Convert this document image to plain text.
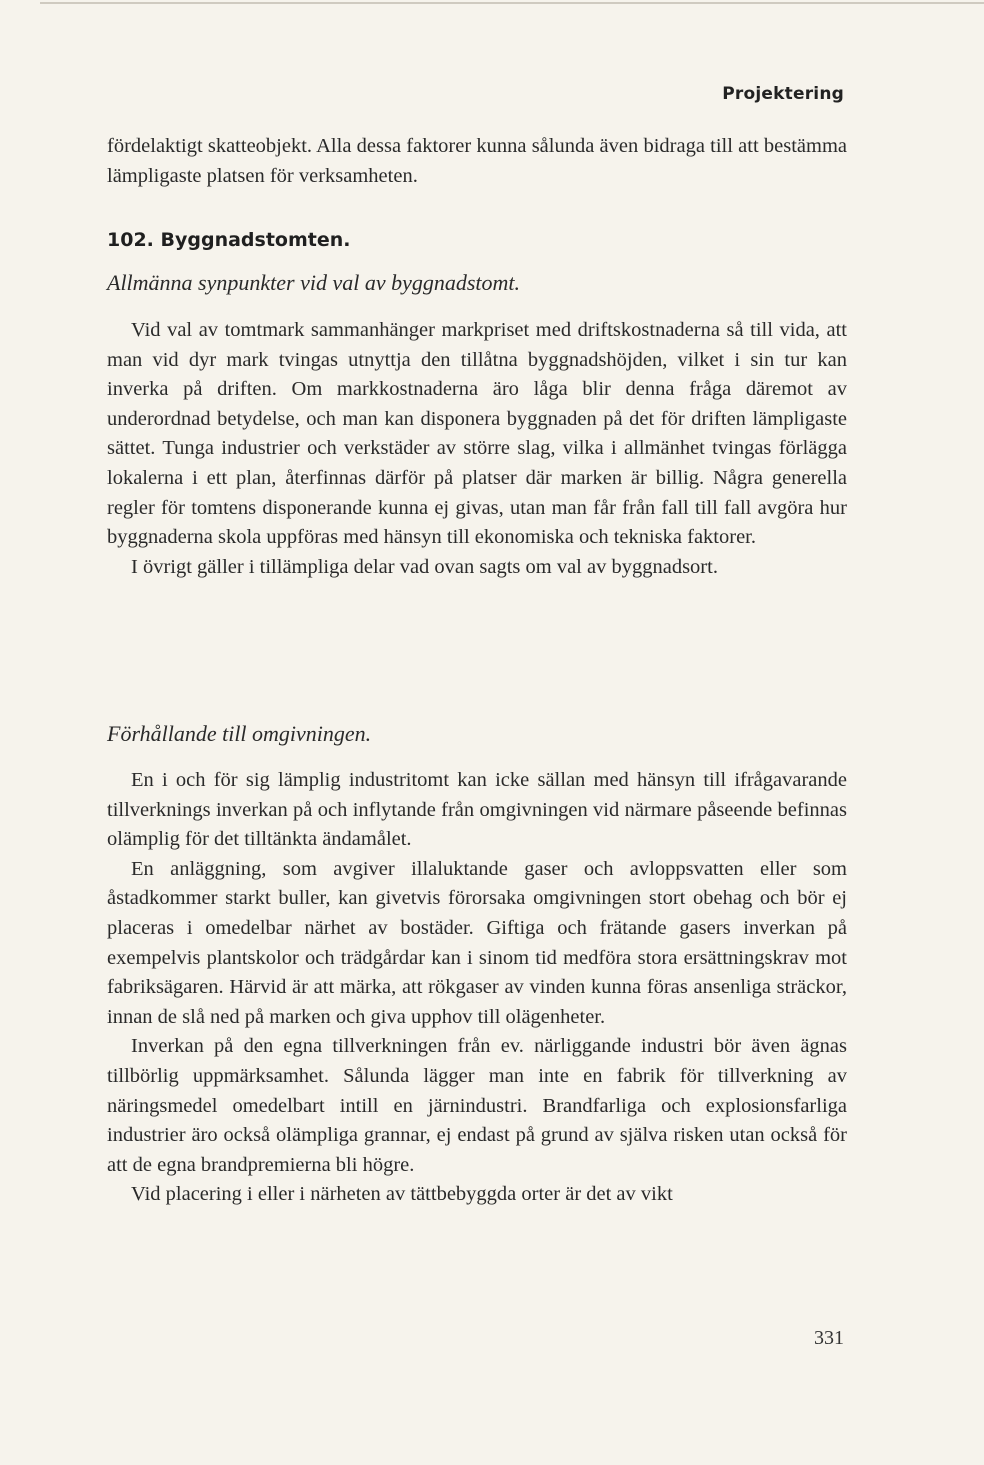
Projektering

fördelaktigt skatteobjekt. Alla dessa faktorer kunna sålunda även bidraga till att bestämma lämpligaste platsen för verksamheten.

102. Byggnadstomten.
Allmänna synpunkter vid val av byggnadstomt.

Vid val av tomtmark sammanhänger markpriset med driftskostnaderna så till vida, att man vid dyr mark tvingas utnyttja den tillåtna byggnadshöjden, vilket i sin tur kan inverka på driften. Om markkostnaderna äro låga blir denna fråga däremot av underordnad betydelse, och man kan disponera byggnaden på det för driften lämpligaste sättet. Tunga industrier och verkstäder av större slag, vilka i allmänhet tvingas förlägga lokalerna i ett plan, återfinnas därför på platser där marken är billig. Några generella regler för tomtens disponerande kunna ej givas, utan man får från fall till fall avgöra hur byggnaderna skola uppföras med hänsyn till ekonomiska och tekniska faktorer.

I övrigt gäller i tillämpliga delar vad ovan sagts om val av byggnadsort.

Förhållande till omgivningen.

En i och för sig lämplig industritomt kan icke sällan med hänsyn till ifrågavarande tillverknings inverkan på och inflytande från omgivningen vid närmare påseende befinnas olämplig för det tilltänkta ändamålet.

En anläggning, som avgiver illaluktande gaser och avloppsvatten eller som åstadkommer starkt buller, kan givetvis förorsaka omgivningen stort obehag och bör ej placeras i omedelbar närhet av bostäder. Giftiga och frätande gasers inverkan på exempelvis plantskolor och trädgårdar kan i sinom tid medföra stora ersättningskrav mot fabriksägaren. Härvid är att märka, att rökgaser av vinden kunna föras ansenliga sträckor, innan de slå ned på marken och giva upphov till olägenheter.

Inverkan på den egna tillverkningen från ev. närliggande industri bör även ägnas tillbörlig uppmärksamhet. Sålunda lägger man inte en fabrik för tillverkning av näringsmedel omedelbart intill en järnindustri. Brandfarliga och explosionsfarliga industrier äro också olämpliga grannar, ej endast på grund av själva risken utan också för att de egna brandpremierna bli högre.

Vid placering i eller i närheten av tättbebyggda orter är det av vikt

331
